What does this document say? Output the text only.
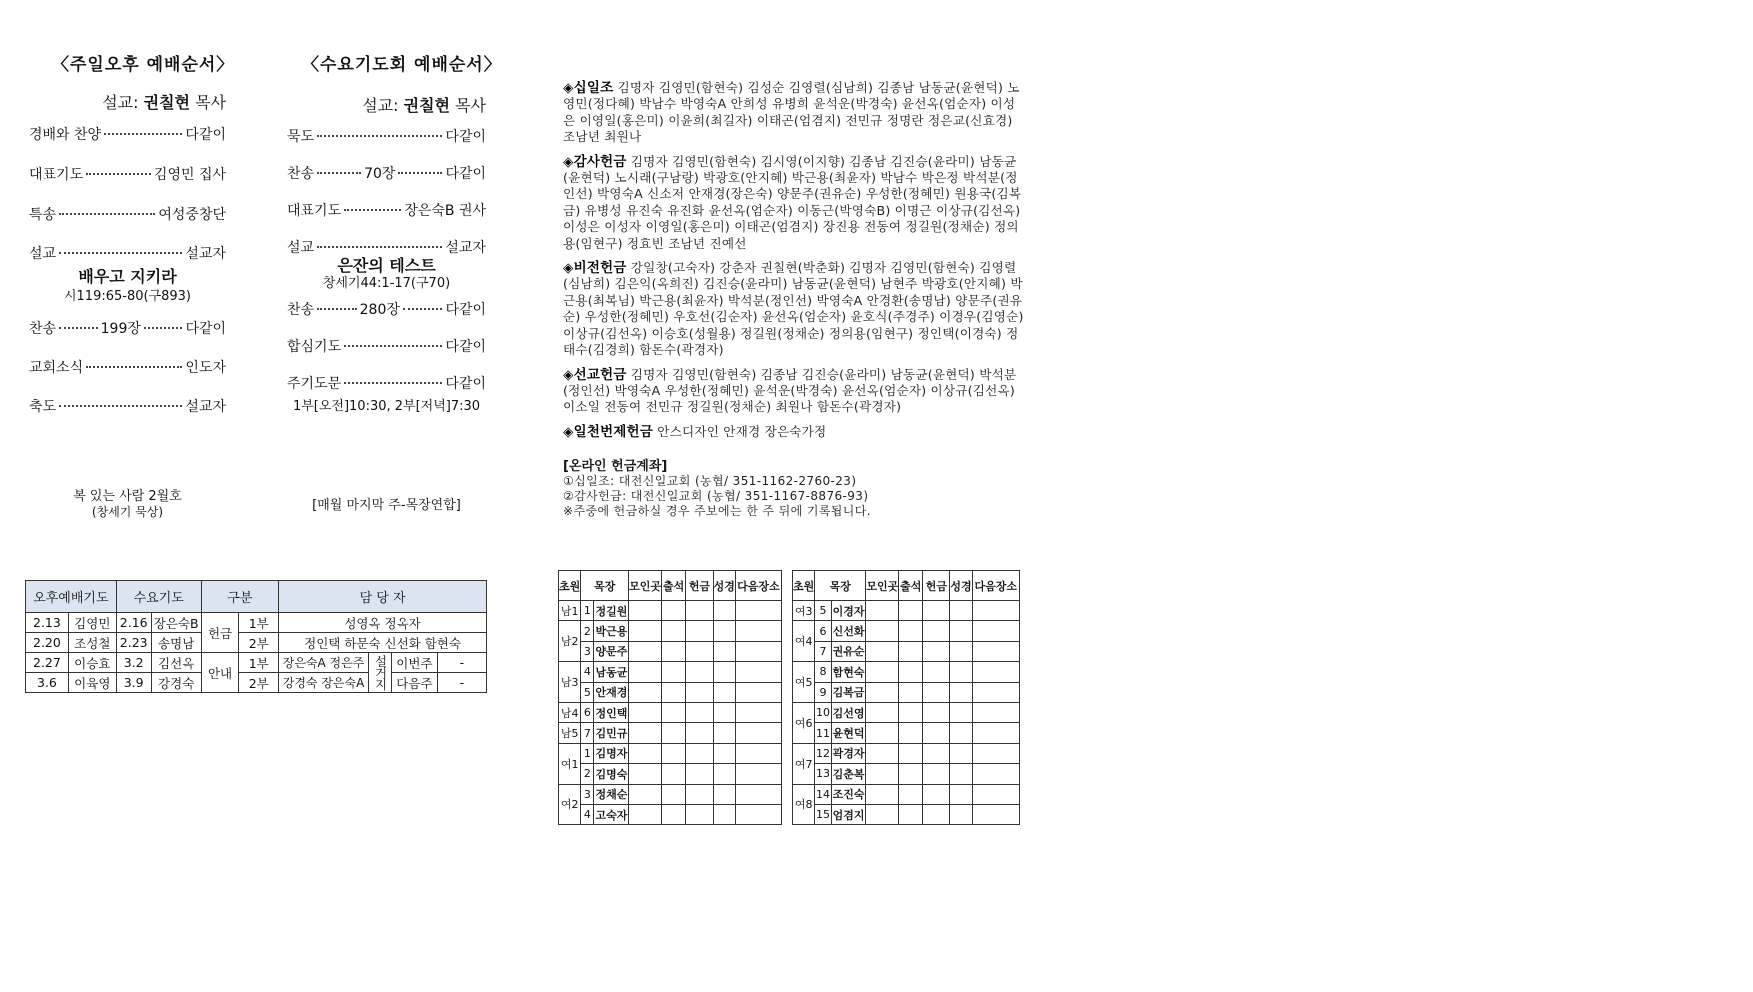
〈주일오후 예배순서〉
설교: 권칠현 목사
경배와 찬양	다같이
대표기도	김영민 집사
특송	여성중창단
설교	설교자
배우고 지키라
시119:65-80(구893)
찬송	199장	다같이
교회소식	인도자
축도	설교자
복 있는 사람 2월호
(창세기 묵상)
〈수요기도회 예배순서〉
설교: 권칠현 목사
묵도	다같이
찬송	70장	다같이
대표기도	장은숙B 권사
설교	설교자
은잔의 테스트
창세기44:1-17(구70)
찬송	280장	다같이
합심기도	다같이
주기도문	다같이
1부[오전]10:30, 2부[저녁]7:30
[매월 마지막 주-목장연합]
◈십일조 김명자 김영민(함현숙) 김성순 김영렬(심남희) 김종남 남동균(윤현덕) 노영민(정다혜) 박남수 박영숙A 안희성 유병희 윤석운(박경숙) 윤선옥(엄순자) 이성은 이영일(홍은미) 이윤희(최길자) 이태곤(엄겸지) 전민규 정명란 정은교(신효경) 조남년 최원나
◈감사헌금 김명자 김영민(함현숙) 김시영(이지향) 김종남 김진승(윤라미) 남동균(윤현덕) 노시래(구남랑) 박광호(안지혜) 박근용(최윤자) 박남수 박은정 박석분(정인선) 박영숙A 신소저 안재경(장은숙) 양문주(권유순) 우성한(정혜민) 원용국(김복금) 유병성 유진숙 유진화 윤선옥(엄순자) 이동근(박영숙B) 이명근 이상규(김선옥) 이성은 이성자 이영일(홍은미) 이태곤(엄겸지) 장진용 전동여 정길원(정채순) 정의용(임현구) 정효빈 조남년 진예선
◈비전헌금 강일창(고숙자) 강춘자 권칠현(박춘화) 김명자 김영민(함현숙) 김영렬(심남희) 김은익(옥희진) 김진승(윤라미) 남동균(윤현덕) 남현주 박광호(안지혜) 박근용(최복님) 박근용(최윤자) 박석분(정인선) 박영숙A 안경환(송명남) 양문주(권유순) 우성한(정혜민) 우호선(김순자) 윤선옥(엄순자) 윤호식(주경주) 이경우(김영순) 이상규(김선옥) 이승호(성월용) 정길원(정채순) 정의용(임현구) 정인택(이경숙) 정태수(김경희) 함돈수(곽경자)
◈선교헌금 김명자 김영민(함현숙) 김종남 김진승(윤라미) 남동균(윤현덕) 박석분(정인선) 박영숙A 우성한(정혜민) 윤석운(박경숙) 윤선옥(엄순자) 이상규(김선옥) 이소일 전동여 전민규 정길원(정채순) 최원나 함돈수(곽경자)
◈일천번제헌금 안스디자인 안재경 장은숙가정
[온라인 헌금계좌]
①십일조: 대전신일교회 (농협/ 351-1162-2760-23)
②감사헌금: 대전신일교회 (농협/ 351-1167-8876-93)
※주중에 헌금하실 경우 주보에는 한 주 뒤에 기록됩니다.
오후예배기도		수요기도		구분		담 당 자			
2.13	김영민	2.16	장은숙B	헌금	1부	성영옥 정옥자			
2.20	조성철	2.23	송명남		2부	정인택 하문숙 신선화 함현숙			
2.27	이승효	3.2	김선옥	안내	1부	장은숙A 정은주	설거지	이번주	-
3.6	이육영	3.9	강경숙		2부	강경숙 장은숙A		다음주	-
초원	목장		모인곳	출석	헌금	성경	다음장소
남1	1	정길원					
남2	2	박근용					
	3	양문주					
남3	4	남동균					
	5	안재경					
남4	6	정인택					
남5	7	김민규					
여1	1	김명자					
	2	김명숙					
여2	3	정채순					
	4	고숙자					
초원	목장		모인곳	출석	헌금	성경	다음장소
여3	5	이경자					
여4	6	신선화					
	7	권유순					
여5	8	함현숙					
	9	김복금					
여6	10	김선영					
	11	윤현덕					
여7	12	곽경자					
	13	김춘복					
여8	14	조진숙					
	15	엄겸지					
